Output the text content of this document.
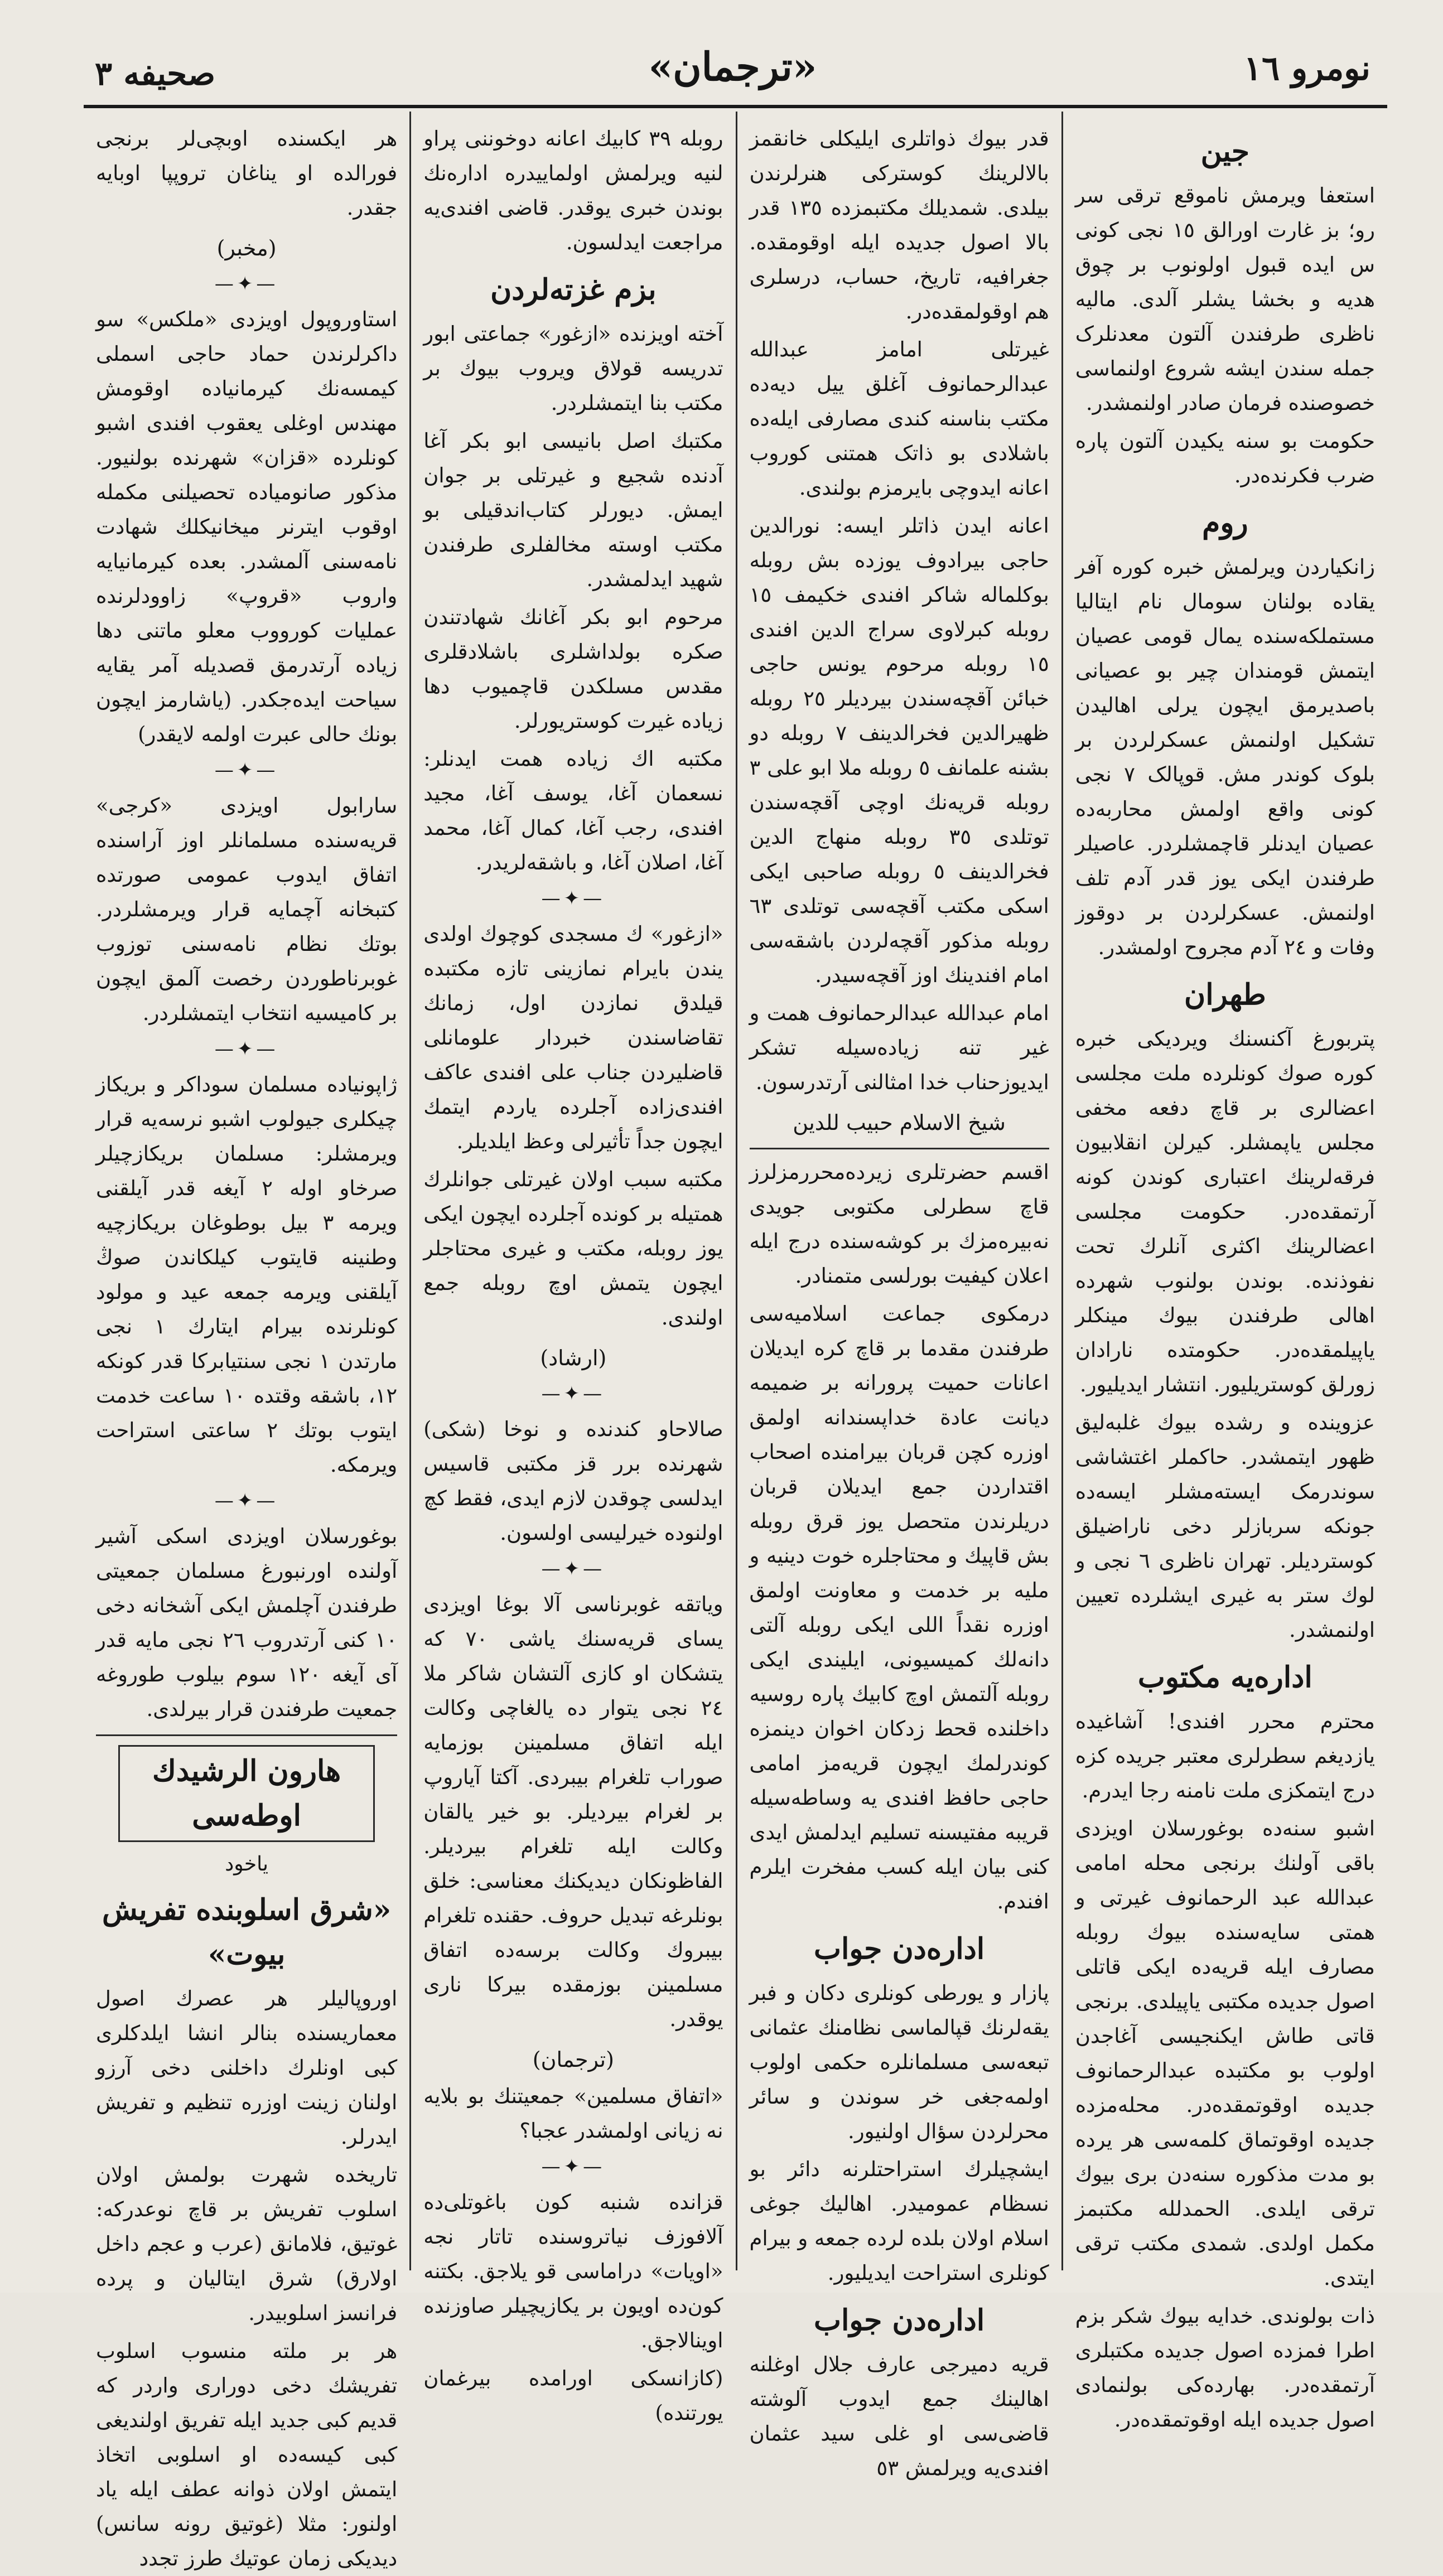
نومرو ١٦
«ترجمان»
صحیفه ٣
جین
استعفا ویرمش ناموقع ترقی سر رو؛ بز غارت اورالق ١٥ نجی کونی س ایده قبول اولونوب بر چوق هدیه و بخشا یشلر آلدی. مالیه ناظری طرفندن آلتون معدنلرک جمله سندن ایشه شروع اولنماسی خصوصنده فرمان صادر اولنمشدر.
حکومت بو سنه یکیدن آلتون پاره ضرب فکرنده‌در.
روم
زانکیاردن ویرلمش خبره کوره آفر یقاده بولنان سومال نام ایتالیا مستملکه‌سنده یمال قومی عصیان ایتمش قومندان چیر بو عصیانی باصدیرمق ایچون یرلی اهالیدن تشکیل اولنمش عسکرلردن بر بلوک کوندر مش. قوپالک ٧ نجی کونی واقع اولمش محاربه‌ده عصیان ایدنلر قاچمشلردر. عاصیلر طرفندن ایکی یوز قدر آدم تلف اولنمش. عسکرلردن بر دوقوز وفات و ٢٤ آدم مجروح اولمشدر.
طهران
پتربورغ آکنسنك ویردیکی خبره کوره صوك کونلرده ملت مجلسی اعضالری بر قاچ دفعه مخفی مجلس یاپمشلر. کیرلن انقلابیون فرقه‌لرینك اعتباری کوندن کونه آرتمقده‌در. حکومت مجلسی اعضالرینك اکثری آنلرك تحت نفوذنده. بوندن بولنوب شهرده اهالی طرفندن بیوك مینکلر یاپیلمقده‌در. حکومتده نارادان زورلق کوستریلیور. انتشار ایدیلیور.
عزوینده و رشده بیوك غلبه‌لیق ظهور ایتمشدر. حاکملر اغتشاشی سوندرمک ایسته‌مشلر ایسه‌ده جونکه سربازلر دخی ناراضیلق کوستردیلر. تهران ناظری ٦ نجی و لوك ستر به غیری ایشلرده تعیین اولنمشدر.
اداره‌یه مکتوب
محترم محرر افندی! آشاغیده یازدیغم سطرلری معتبر جریده کزه درج ایتمکزی ملت نامنه رجا ایدرم.
اشبو سنه‌ده بوغورسلان اویزدی باقی آولنك برنجی محله امامی عبدالله عبد الرحمانوف غیرتی و همتی سایه‌سنده بیوك روبله مصارف ایله قریه‌ده ایکی قاتلی اصول جدیده مکتبی یاپیلدی. برنجی قاتی طاش ایکنجیسی آغاجدن اولوب بو مکتبده عبدالرحمانوف جدیده اوقوتمقده‌در. محله‌مزده جدیده اوقوتماق کلمه‌سی هر یرده بو مدت مذکوره سنه‌دن بری بیوك ترقی ایلدی. الحمدلله مکتبمز مکمل اولدی. شمدی مکتب ترقی ایتدی.
ذات بولوندی. خدایه بیوك شکر بزم اطرا فمزده اصول جدیده مکتبلری آرتمقده‌در. بهارده‌کی بولنمادی اصول جدیده ایله اوقوتمقده‌در.
قدر بیوك ذواتلری ایلیکلی خانقمز بالالرینك کوسترکی هنرلرندن بیلدی. شمدیلك مکتبمزده ١٣٥ قدر بالا اصول جدیده ایله اوقومقده. جغرافیه، تاریخ، حساب، درسلری هم اوقولمقده‌در.
غیرتلی امامز عبدالله عبدالرحمانوف آغلق ییل دیه‌ده مکتب بناسنه کندی مصارفی ایله‌ده باشلادی بو ذاتک همتنی کوروب اعانه ایدوچی بایرمزم بولندی.
اعانه ایدن ذاتلر ایسه: نورالدین حاجی بیرادوف یوزده بش روبله بوکلماله شاکر افندی خکیمف ١٥ روبله کبرلاوی سراج الدین افندی ١٥ روبله مرحوم یونس حاجی خبائن آقچه‌سندن بیردیلر ٢٥ روبله ظهیرالدین فخرالدینف ٧ روبله دو بشنه علمانف ٥ روبله ملا ابو علی ٣ روبله قریه‌نك اوچی آقچه‌سندن توتلدی ٣٥ روبله منهاج الدین فخرالدینف ٥ روبله صاحبی ایکی اسکی مکتب آقچه‌سی توتلدی ٦٣ روبله مذکور آقچه‌لردن باشقه‌سی امام افندینك اوز آقچه‌سیدر.
امام عبدالله عبدالرحمانوف همت و غیر تنه زیاده‌سیله تشکر ایدیوزحناب خدا امثالنی آرتدرسون.
شیخ الاسلام حبیب للدین
اقسم حضرتلری زیرده‌محررمزلرز قاچ سطرلی مکتوبی جویدی نه‌بیره‌مزك بر کوشه‌سنده درج ایله اعلان کیفیت بورلسی متمنادر.
درمکوی جماعت اسلامیه‌سی طرفندن مقدما بر قاچ کره ایدیلان اعانات حمیت پرورانه بر ضمیمه دیانت عادة خداپسندانه اولمق اوزره کچن قربان بیرامنده اصحاب اقتداردن جمع ایدیلان قربان دریلرندن متحصل یوز قرق روبله بش قاپیك و محتاجلره خوت دینیه و ملیه بر خدمت و معاونت اولمق اوزره نقداً اللی ایکی روبله آلتی دانه‌لك کمیسیونی، ایلیندی ایکی روبله آلتمش اوچ کابیك پاره روسیه داخلنده قحط زدکان اخوان دینمزه کوندرلمك ایچون قریه‌مز امامی حاجی حافظ افندی یه وساطه‌سیله قریبه مفتیسنه تسلیم ایدلمش ایدی کنی بیان ایله کسب مفخرت ایلرم افندم.
اداره‌دن جواب
پازار و یورطی کونلری دکان و فبر یقه‌لرنك قپالماسی نظامنك عثمانی تبعه‌سی مسلمانلره حکمی اولوب اولمه‌جغی خر سوندن و سائر محرلردن سؤال اولنیور.
ایشچیلرك استراحتلرنه دائر بو نسظام عمومیدر. اهالیك جوغی اسلام اولان بلده لرده جمعه و بیرام کونلری استراحت ایدیلیور.
اداره‌دن جواب
قریه دمیرجی عارف جلال اوغلنه اهالینك جمع ایدوب آلوشته قاضی‌سی او غلی سید عثمان افندی‌یه ویرلمش ٥٣
روبله ٣٩ کابیك اعانه دوخوننی پراو لنیه ویرلمش اولماییدره اداره‌نك بوندن خبری یوقدر. قاضی افندی‌یه مراجعت ایدلسون.
بزم غزته‌لردن
آخته اویزنده «ازغور» جماعتی ابور تدریسه قولاق ویروب بیوك بر مکتب بنا ایتمشلردر.
مکتبك اصل بانیسی ابو بکر آغا آدنده شجیع و غیرتلی بر جوان ایمش. دیورلر کتاب‌اندقیلی بو مکتب اوسته مخالفلری طرفندن شهید ایدلمشدر.
مرحوم ابو بکر آغانك شهادتندن صکره بولداشلری باشلادقلری مقدس مسلکدن قاچمیوب دها زیاده غیرت کوستریورلر.
مکتبه اك زیاده همت ایدنلر: نسعمان آغا، یوسف آغا، مجید افندی، رجب آغا، کمال آغا، محمد آغا، اصلان آغا، و باشقه‌لریدر.
—✦—
«ازغور» ك مسجدی کوچوك اولدی یندن بایرام نمازینی تازه مکتبده قیلدق نمازدن اول، زمانك تقاضاسندن خبردار علومانلی قاضلیردن جناب علی افندی عاکف افندی‌زاده آجلرده یاردم ایتمك ایچون جداً تأثیرلی وعظ ایلدیلر.
مکتبه سبب اولان غیرتلی جوانلرك همتیله بر کونده آجلرده ایچون ایکی یوز روبله، مکتب و غیری محتاجلر ایچون یتمش اوچ روبله جمع اولندی.
(ارشاد)
—✦—
صالاحاو کندنده و نوخا (شکی) شهرنده برر قز مکتبی قاسیس ایدلسی چوقدن لازم ایدی، فقط کچ اولنوده خیرلیسی اولسون.
—✦—
ویاتقه غوبرناسی آلا بوغا اویزدی یسای قریه‌سنك یاشی ٧٠ که یتشکان او کازی آلتشان شاکر ملا ٢٤ نجی یتوار ده یالغاچی وکالت ایله اتفاق مسلمینن بوزمایه صوراب تلغرام بیبردی. آکتا آیاروپ بر لغرام بیردیلر. بو خیر یالقان وکالت ایله تلغرام بیردیلر. الفاظونکان دیدیکنك معناسی: خلق بونلرغه تبدیل حروف. حقنده تلغرام بیبروك وکالت برسه‌ده اتفاق مسلمینن بوزمقده بیرکا ناری یوقدر.
(ترجمان)
«اتفاق مسلمین» جمعیتنك بو بلایه نه زیانی اولمشدر عجبا؟
—✦—
قزانده شنبه کون باغوتلی‌ده آلافوزف نیاتروسنده تاتار نجه «اویات» دراماسی قو یلاجق. بکتنه کون‌ده اویون بر یکازیچیلر صاوزنده اوینالاجق.
(کازانسکی اورامده بیرغمان یورتنده)
هر ایکسنده اوبچی‌لر برنجی فورالده او یناغان تروپپا اوبایه جقدر.
(مخبر)
—✦—
استاوروپول اویزدی «ملکس» سو داکرلرندن حماد حاجی اسملی کیمسه‌نك کیرمانیاده اوقومش مهندس اوغلی یعقوب افندی اشبو کونلرده «قزان» شهرنده بولنیور. مذکور صانومیاده تحصیلنی مکمله اوقوب ایترنر میخانیکلك شهادت نامه‌سنی آلمشدر. بعده کیرمانیایه واروب «قروپ» زاوودلرنده عملیات کورووب معلو ماتنی دها زیاده آرتدرمق قصدیله آمر یقایه سیاحت ایده‌جکدر. (یاشارمز ایچون بونك حالی عبرت اولمه لایقدر)
—✦—
سارابول اویزدی «کرجی» قریه‌سنده مسلمانلر اوز آراسنده اتفاق ایدوب عمومی صورتده کتبخانه آچمایه قرار ویرمشلردر. بوتك نظام نامه‌سنی توزوب غوبرناطوردن رخصت آلمق ایچون بر کامیسیه انتخاب ایتمشلردر.
—✦—
ژاپونیاده مسلمان سوداکر و بریکاز چیکلری جیولوب اشبو نرسه‌یه قرار ویرمشلر: مسلمان بریکازچیلر صرخاو اوله ٢ آیغه قدر آیلقنی ویرمه ٣ بیل بوطوغان بریکازچیه وطنینه قایتوب کیلکاندن صوڭ آیلقنی ویرمه جمعه عید و مولود کونلرنده بیرام ایتارك ١ نجی مارتدن ١ نجی سنتیابرکا قدر کونکه ١٢، باشقه وقتده ١٠ ساعت خدمت ایتوب بوتك ٢ ساعتی استراحت ویرمکه.
—✦—
بوغورسلان اویزدی اسکی آشیر آولنده اورنبورغ مسلمان جمعیتی طرفندن آچلمش ایکی آشخانه دخی ١٠ کنی آرتدروب ٢٦ نجی مایه قدر آی آیغه ١٢٠ سوم بیلوب طوروغه جمعیت طرفندن قرار بیرلدی.
هارون الرشیدك اوطه‌سی
یاخود
«شرق اسلوبنده تفریش بیوت»
اوروپالیلر هر عصرك اصول معماریسنده بنالر انشا ایلدکلری کبی اونلرك داخلنی دخی آرزو اولنان زینت اوزره تنظیم و تفریش ایدرلر.
تاریخده شهرت بولمش اولان اسلوب تفریش بر قاچ نوعدرکه: غوتیق، فلامانق (عرب و عجم داخل اولارق) شرق ایتالیان و پرده فرانسز اسلوبیدر.
هر بر ملته منسوب اسلوب تفریشك دخی دوراری واردر که قدیم کبی جدید ایله تفریق اولندیغی کبی کیسه‌ده او اسلوبی اتخاذ ایتمش اولان ذوانه عطف ایله یاد اولنور: مثلا (غوتیق رونه سانس) دیدیکی زمان عوتیك طرز تجدد
